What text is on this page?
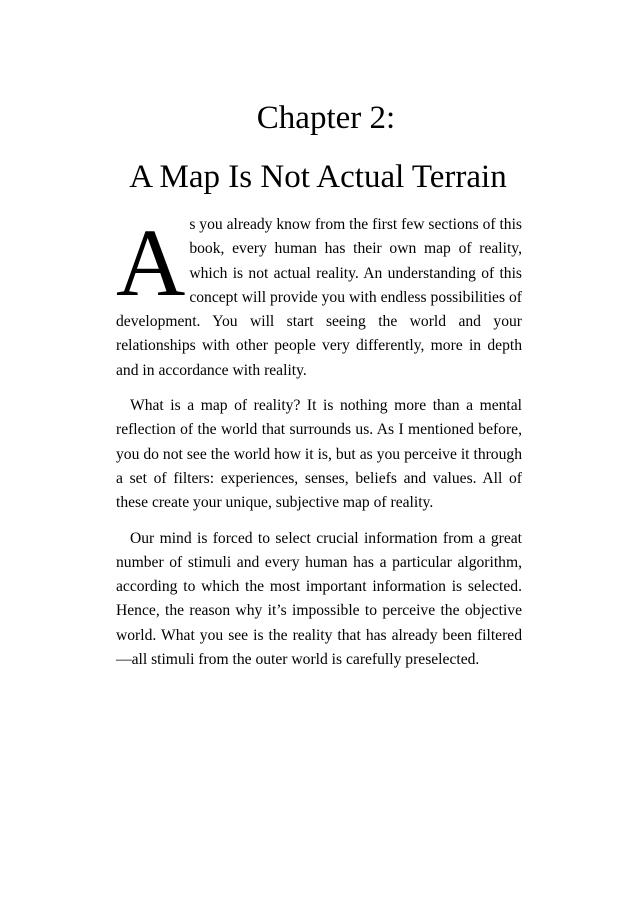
Chapter 2:
A Map Is Not Actual Terrain

As you already know from the first few sections of this book, every human has their own map of reality, which is not actual reality. An understanding of this concept will provide you with endless possibilities of development. You will start seeing the world and your relationships with other people very differently, more in depth and in accordance with reality.

What is a map of reality? It is nothing more than a mental reflection of the world that surrounds us. As I mentioned before, you do not see the world how it is, but as you perceive it through a set of filters: experiences, senses, beliefs and values. All of these create your unique, subjective map of reality.

Our mind is forced to select crucial information from a great number of stimuli and every human has a particular algorithm, according to which the most important information is selected. Hence, the reason why it’s impossible to perceive the objective world. What you see is the reality that has already been filtered—all stimuli from the outer world is carefully preselected.
